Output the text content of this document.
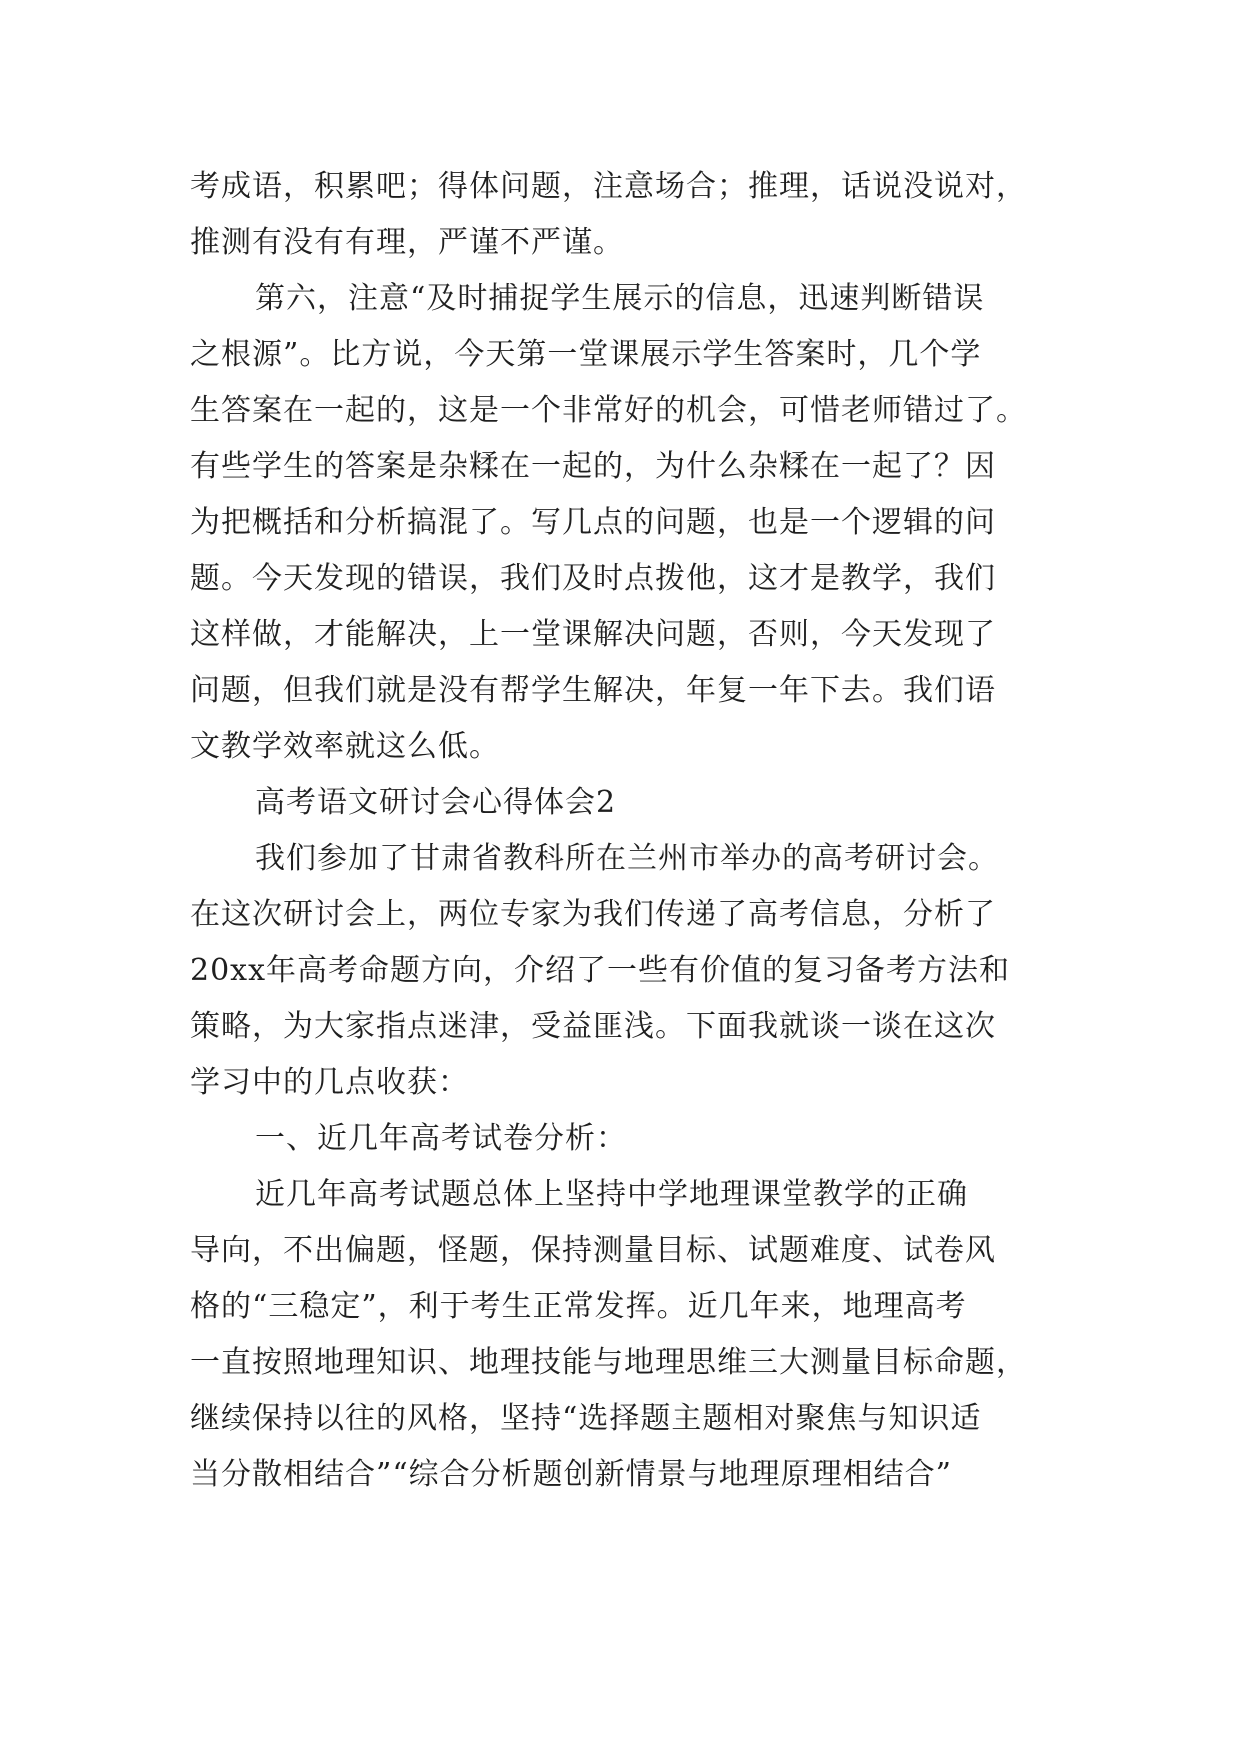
考成语，积累吧；得体问题，注意场合；推理，话说没说对，
推测有没有有理，严谨不严谨。
第六，注意“及时捕捉学生展示的信息，迅速判断错误
之根源”。比方说，今天第一堂课展示学生答案时，几个学
生答案在一起的，这是一个非常好的机会，可惜老师错过了。
有些学生的答案是杂糅在一起的，为什么杂糅在一起了？因
为把概括和分析搞混了。写几点的问题，也是一个逻辑的问
题。今天发现的错误，我们及时点拨他，这才是教学，我们
这样做，才能解决，上一堂课解决问题，否则，今天发现了
问题，但我们就是没有帮学生解决，年复一年下去。我们语
文教学效率就这么低。
高考语文研讨会心得体会2
我们参加了甘肃省教科所在兰州市举办的高考研讨会。
在这次研讨会上，两位专家为我们传递了高考信息，分析了
20xx年高考命题方向，介绍了一些有价值的复习备考方法和
策略，为大家指点迷津，受益匪浅。下面我就谈一谈在这次
学习中的几点收获：
一、近几年高考试卷分析：
近几年高考试题总体上坚持中学地理课堂教学的正确
导向，不出偏题，怪题，保持测量目标、试题难度、试卷风
格的“三稳定”，利于考生正常发挥。近几年来，地理高考
一直按照地理知识、地理技能与地理思维三大测量目标命题，
继续保持以往的风格，坚持“选择题主题相对聚焦与知识适
当分散相结合”“综合分析题创新情景与地理原理相结合”
